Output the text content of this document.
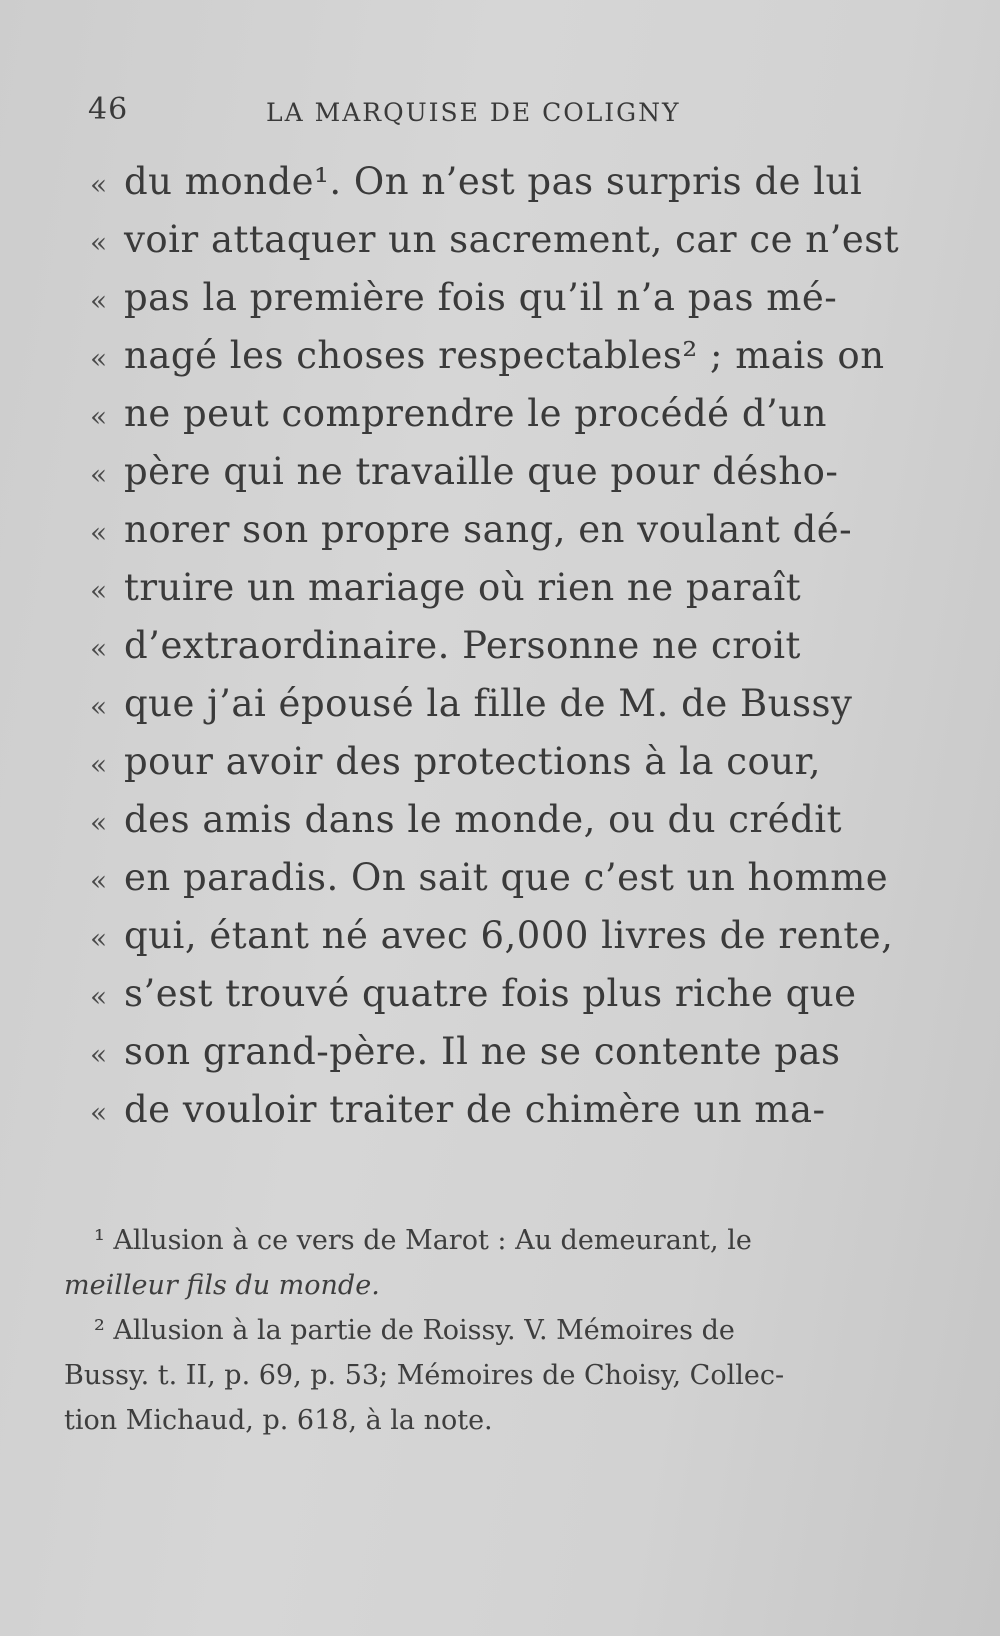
46	LA MARQUISE DE COLIGNY
« du monde¹. On n’est pas surpris de lui
« voir attaquer un sacrement, car ce n’est
« pas la première fois qu’il n’a pas mé-
« nagé les choses respectables² ; mais on
« ne peut comprendre le procédé d’un
« père qui ne travaille que pour désho-
« norer son propre sang, en voulant dé-
« truire un mariage où rien ne paraît
« d’extraordinaire. Personne ne croit
« que j’ai épousé la fille de M. de Bussy
« pour avoir des protections à la cour,
« des amis dans le monde, ou du crédit
« en paradis. On sait que c’est un homme
« qui, étant né avec 6,000 livres de rente,
« s’est trouvé quatre fois plus riche que
« son grand-père. Il ne se contente pas
« de vouloir traiter de chimère un ma-
¹ Allusion à ce vers de Marot : Au demeurant, le
meilleur fils du monde.
² Allusion à la partie de Roissy. V. Mémoires de
Bussy. t. II, p. 69, p. 53; Mémoires de Choisy, Collec-
tion Michaud, p. 618, à la note.
